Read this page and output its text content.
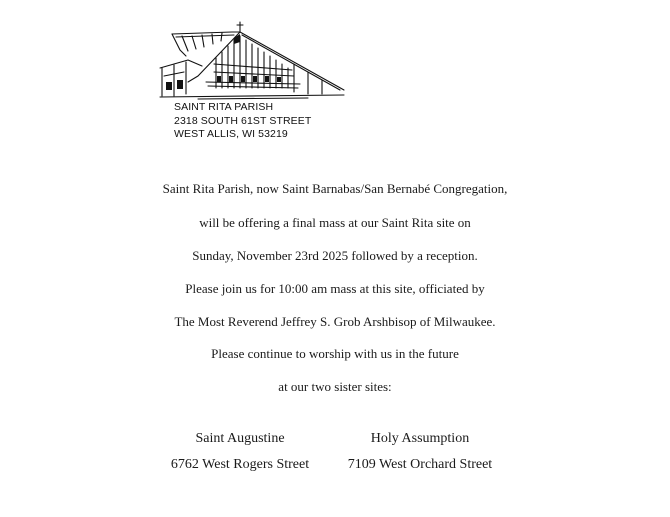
SAINT RITA PARISH
2318 SOUTH 61ST STREET
WEST ALLIS, WI 53219
Saint Rita Parish, now Saint Barnabas/San Bernabé Congregation,
will be offering a final mass at our Saint Rita site on
Sunday, November 23rd 2025 followed by a reception.
Please join us for 10:00 am mass at this site, officiated by
The Most Reverend Jeffrey S. Grob Arshbisop of Milwaukee.
Please continue to worship with us in the future
at our two sister sites:
Saint Augustine
6762 West Rogers Street
Holy Assumption
7109 West Orchard Street
